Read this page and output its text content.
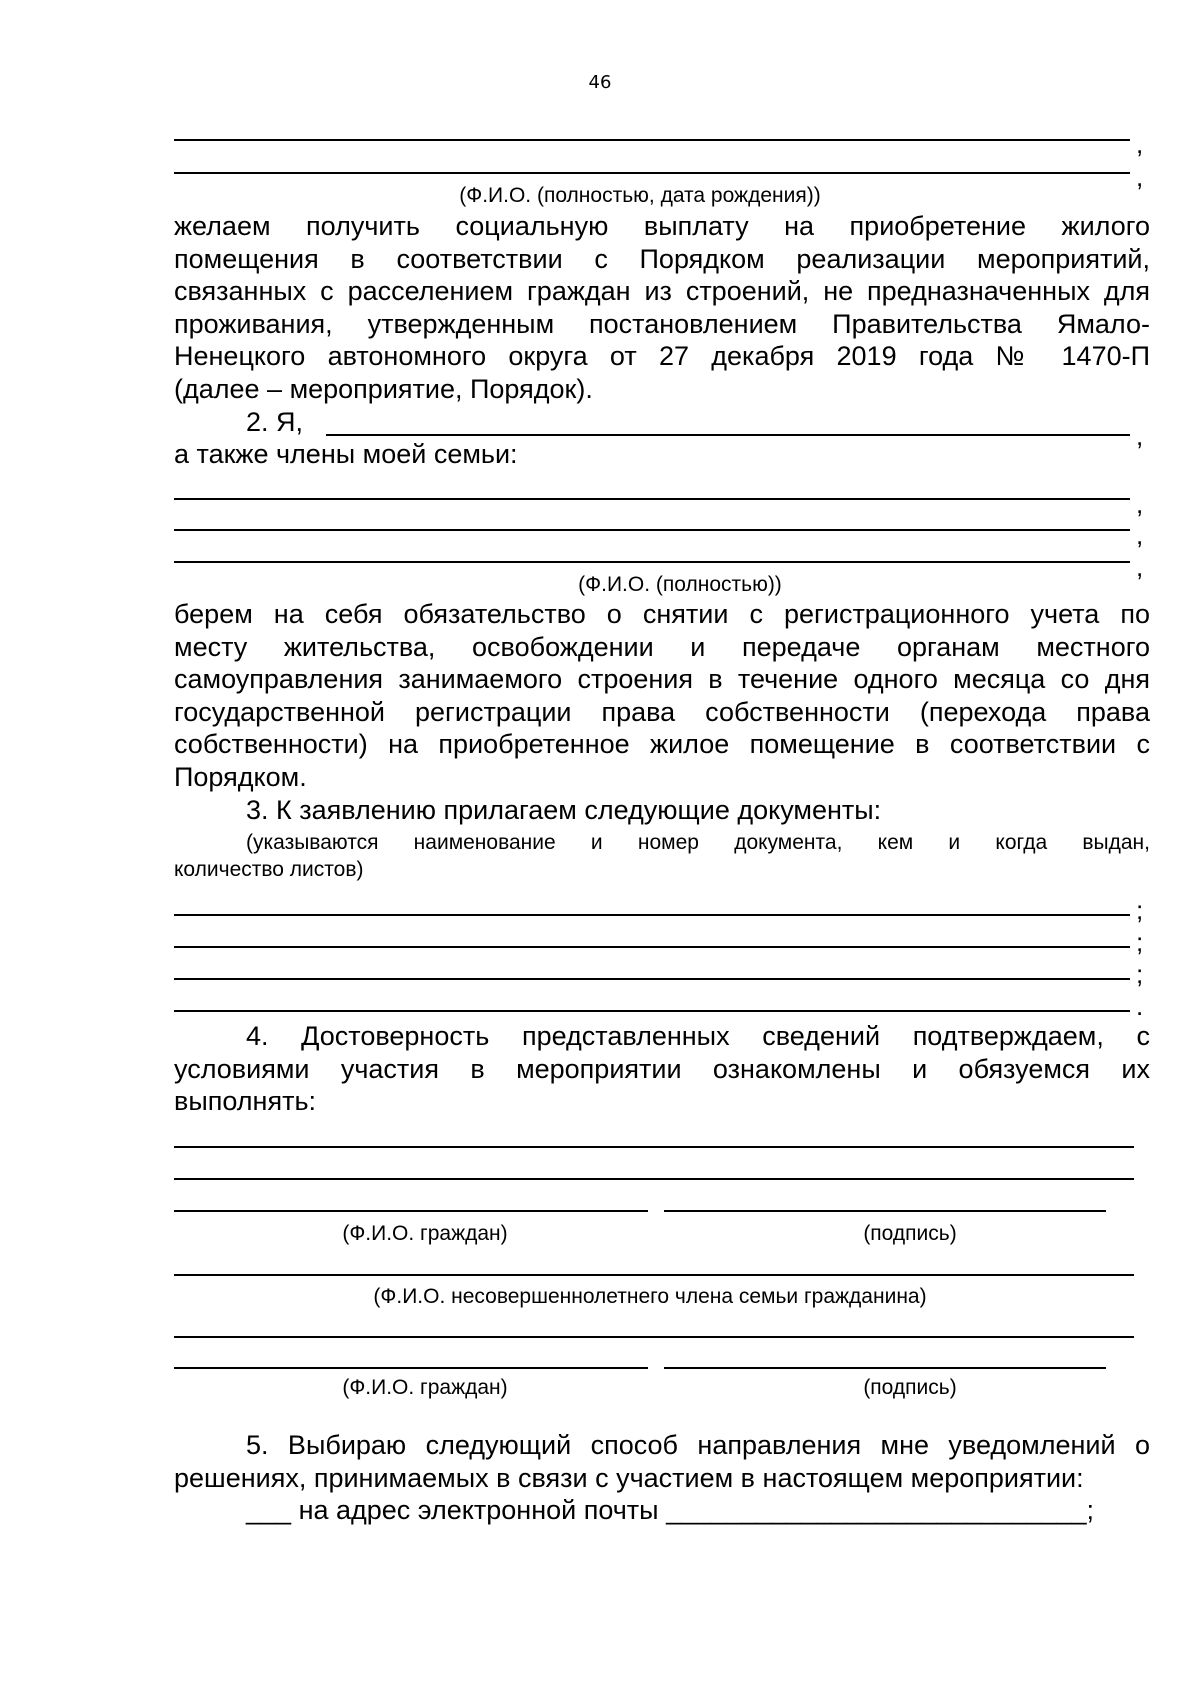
46
,
,
(Ф.И.О. (полностью, дата рождения))
желаем получить социальную выплату на приобретение жилого
помещения в соответствии с Порядком реализации мероприятий,
связанных с расселением граждан из строений, не предназначенных для
проживания, утвержденным постановлением Правительства Ямало-
Ненецкого автономного округа от 27 декабря 2019 года № 1470-П
(далее – мероприятие, Порядок).
2. Я,	,
а также члены моей семьи:
,
,
,
(Ф.И.О. (полностью))
берем на себя обязательство о снятии с регистрационного учета по
месту жительства, освобождении и передаче органам местного
самоуправления занимаемого строения в течение одного месяца со дня
государственной регистрации права собственности (перехода права
собственности) на приобретенное жилое помещение в соответствии с
Порядком.
3. К заявлению прилагаем следующие документы:
(указываются наименование и номер документа, кем и когда выдан,
количество листов)
;
;
;
.
4. Достоверность представленных сведений подтверждаем, с
условиями участия в мероприятии ознакомлены и обязуемся их
выполнять:
(Ф.И.О. граждан)	(подпись)
(Ф.И.О. несовершеннолетнего члена семьи гражданина)
(Ф.И.О. граждан)	(подпись)
5. Выбираю следующий способ направления мне уведомлений о
решениях, принимаемых в связи с участием в настоящем мероприятии:
___ на адрес электронной почты ____________________________;
